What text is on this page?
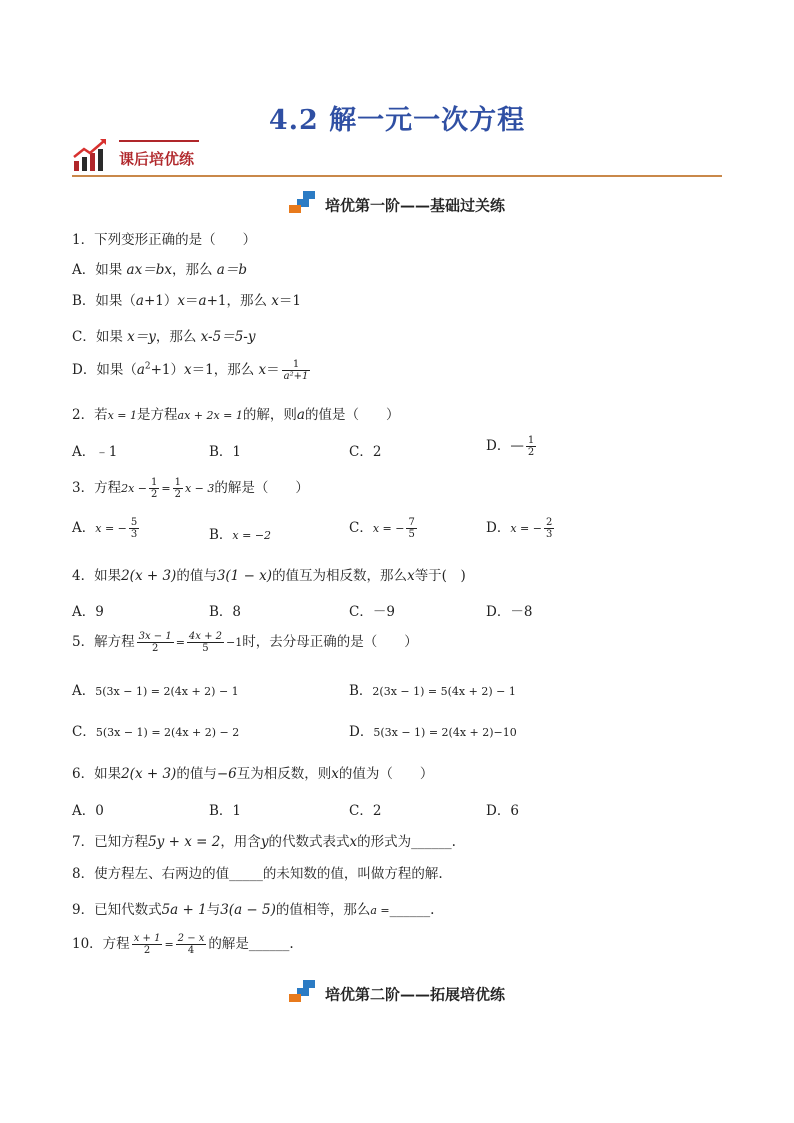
4.2 解一元一次方程
课后培优练
培优第一阶——基础过关练
1．下列变形正确的是（　　）
A．如果 ax＝bx，那么 a＝b
B．如果（a+1）x＝a+1，那么 x＝1
C．如果 x＝y，那么 x-5＝5-y
D．如果$(a^2+1)x=1$，那么 $x= \frac{1}{\text{a²+1}}$
2．若x = 1是方程ax + 2x = 1的解，则a的值是（　　）
A．﹣1	B．1	C．2	D．— $\frac{1}{2}$
3．方程$2x - \frac{1}{2} = \frac{1}{2}$ x − 3的解是（　　）
A．x = − $\frac{5}{3}$	B．x = −2	C．x = − $\frac{7}{5}$	D．x = − $\frac{2}{3}$
4．如果2(x + 3)的值与3(1 − x)的值互为相反数，那么x等于(　)
A．9	B．8	C．－9	D．－8
5．解方程 $\frac{3x - 1}{2} = \frac{4x + 2}{5} -1$时，去分母正确的是（　　）
A．5(3x − 1) = 2(4x + 2) − 1	B．2(3x − 1) = 5(4x + 2) − 1
C．5(3x − 1) = 2(4x + 2) − 2	D．5(3x − 1) = 2(4x + 2)−10
6．如果2(x + 3)的值与−6互为相反数，则x的值为（　　）
A．0	B．1	C．2	D．6
7．已知方程5y + x = 2，用含y的代数式表式x的形式为______.
8．使方程左、右两边的值_____的未知数的值，叫做方程的解.
9．已知代数式5a + 1与3(a − 5)的值相等，那么a =______.
10．方程 $\frac{x + 1}{2} = \frac{2 - x}{4}$ 的解是______.
培优第二阶——拓展培优练
